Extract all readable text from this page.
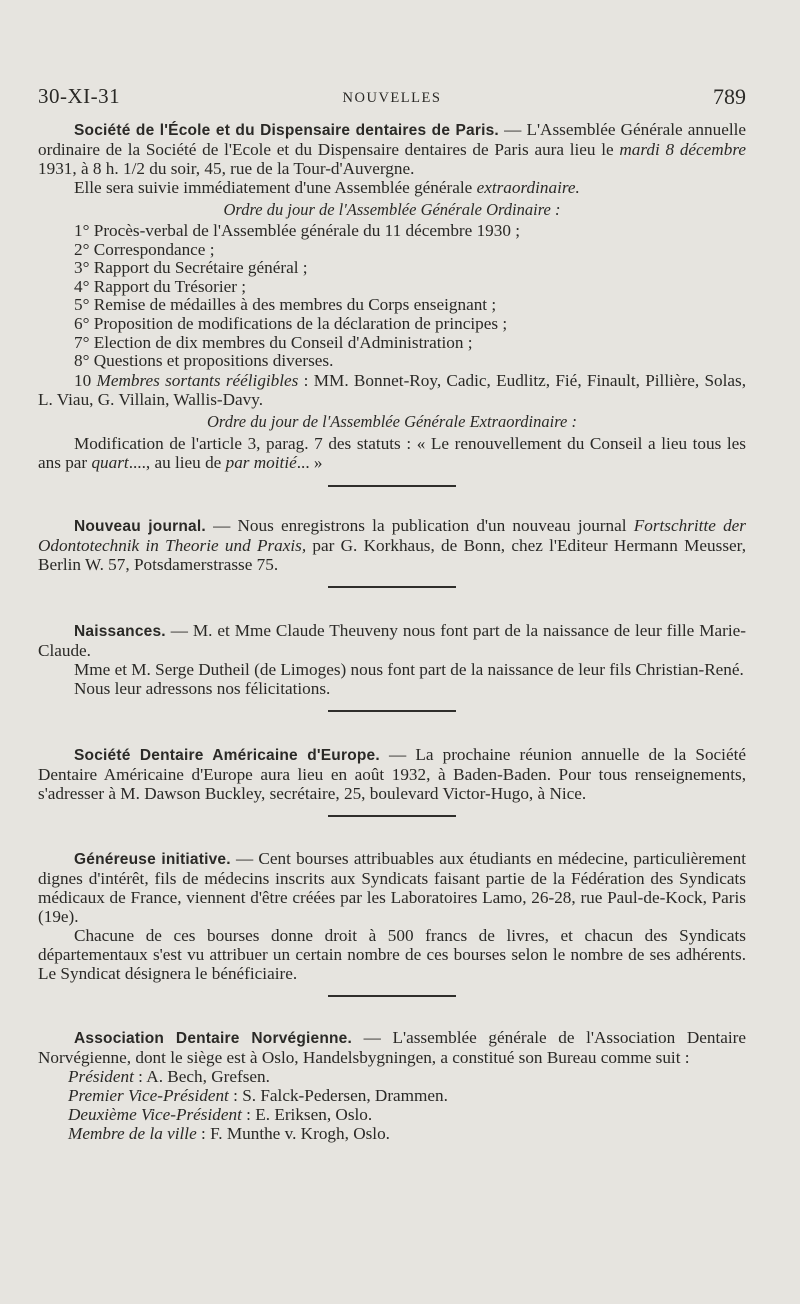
30-XI-31	NOUVELLES	789

Société de l'École et du Dispensaire dentaires de Paris. — L'Assemblée Générale annuelle ordinaire de la Société de l'Ecole et du Dispensaire dentaires de Paris aura lieu le mardi 8 décembre 1931, à 8 h. 1/2 du soir, 45, rue de la Tour-d'Auvergne.

Elle sera suivie immédiatement d'une Assemblée générale extraordinaire.

Ordre du jour de l'Assemblée Générale Ordinaire :
1° Procès-verbal de l'Assemblée générale du 11 décembre 1930 ;
2° Correspondance ;
3° Rapport du Secrétaire général ;
4° Rapport du Trésorier ;
5° Remise de médailles à des membres du Corps enseignant ;
6° Proposition de modifications de la déclaration de principes ;
7° Election de dix membres du Conseil d'Administration ;
8° Questions et propositions diverses.

10 Membres sortants rééligibles : MM. Bonnet-Roy, Cadic, Eudlitz, Fié, Finault, Pillière, Solas, L. Viau, G. Villain, Wallis-Davy.

Ordre du jour de l'Assemblée Générale Extraordinaire :

Modification de l'article 3, parag. 7 des statuts : « Le renouvellement du Conseil a lieu tous les ans par quart...., au lieu de par moitié... »

Nouveau journal. — Nous enregistrons la publication d'un nouveau journal Fortschritte der Odontotechnik in Theorie und Praxis, par G. Korkhaus, de Bonn, chez l'Editeur Hermann Meusser, Berlin W. 57, Potsdamerstrasse 75.

Naissances. — M. et Mme Claude Theuveny nous font part de la naissance de leur fille Marie-Claude.

Mme et M. Serge Dutheil (de Limoges) nous font part de la naissance de leur fils Christian-René.

Nous leur adressons nos félicitations.

Société Dentaire Américaine d'Europe. — La prochaine réunion annuelle de la Société Dentaire Américaine d'Europe aura lieu en août 1932, à Baden-Baden. Pour tous renseignements, s'adresser à M. Dawson Buckley, secrétaire, 25, boulevard Victor-Hugo, à Nice.

Généreuse initiative. — Cent bourses attribuables aux étudiants en médecine, particulièrement dignes d'intérêt, fils de médecins inscrits aux Syndicats faisant partie de la Fédération des Syndicats médicaux de France, viennent d'être créées par les Laboratoires Lamo, 26-28, rue Paul-de-Kock, Paris (19e).

Chacune de ces bourses donne droit à 500 francs de livres, et chacun des Syndicats départementaux s'est vu attribuer un certain nombre de ces bourses selon le nombre de ses adhérents. Le Syndicat désignera le bénéficiaire.

Association Dentaire Norvégienne. — L'assemblée générale de l'Association Dentaire Norvégienne, dont le siège est à Oslo, Handelsbygningen, a constitué son Bureau comme suit :

Président : A. Bech, Grefsen.
Premier Vice-Président : S. Falck-Pedersen, Drammen.
Deuxième Vice-Président : E. Eriksen, Oslo.
Membre de la ville : F. Munthe v. Krogh, Oslo.
